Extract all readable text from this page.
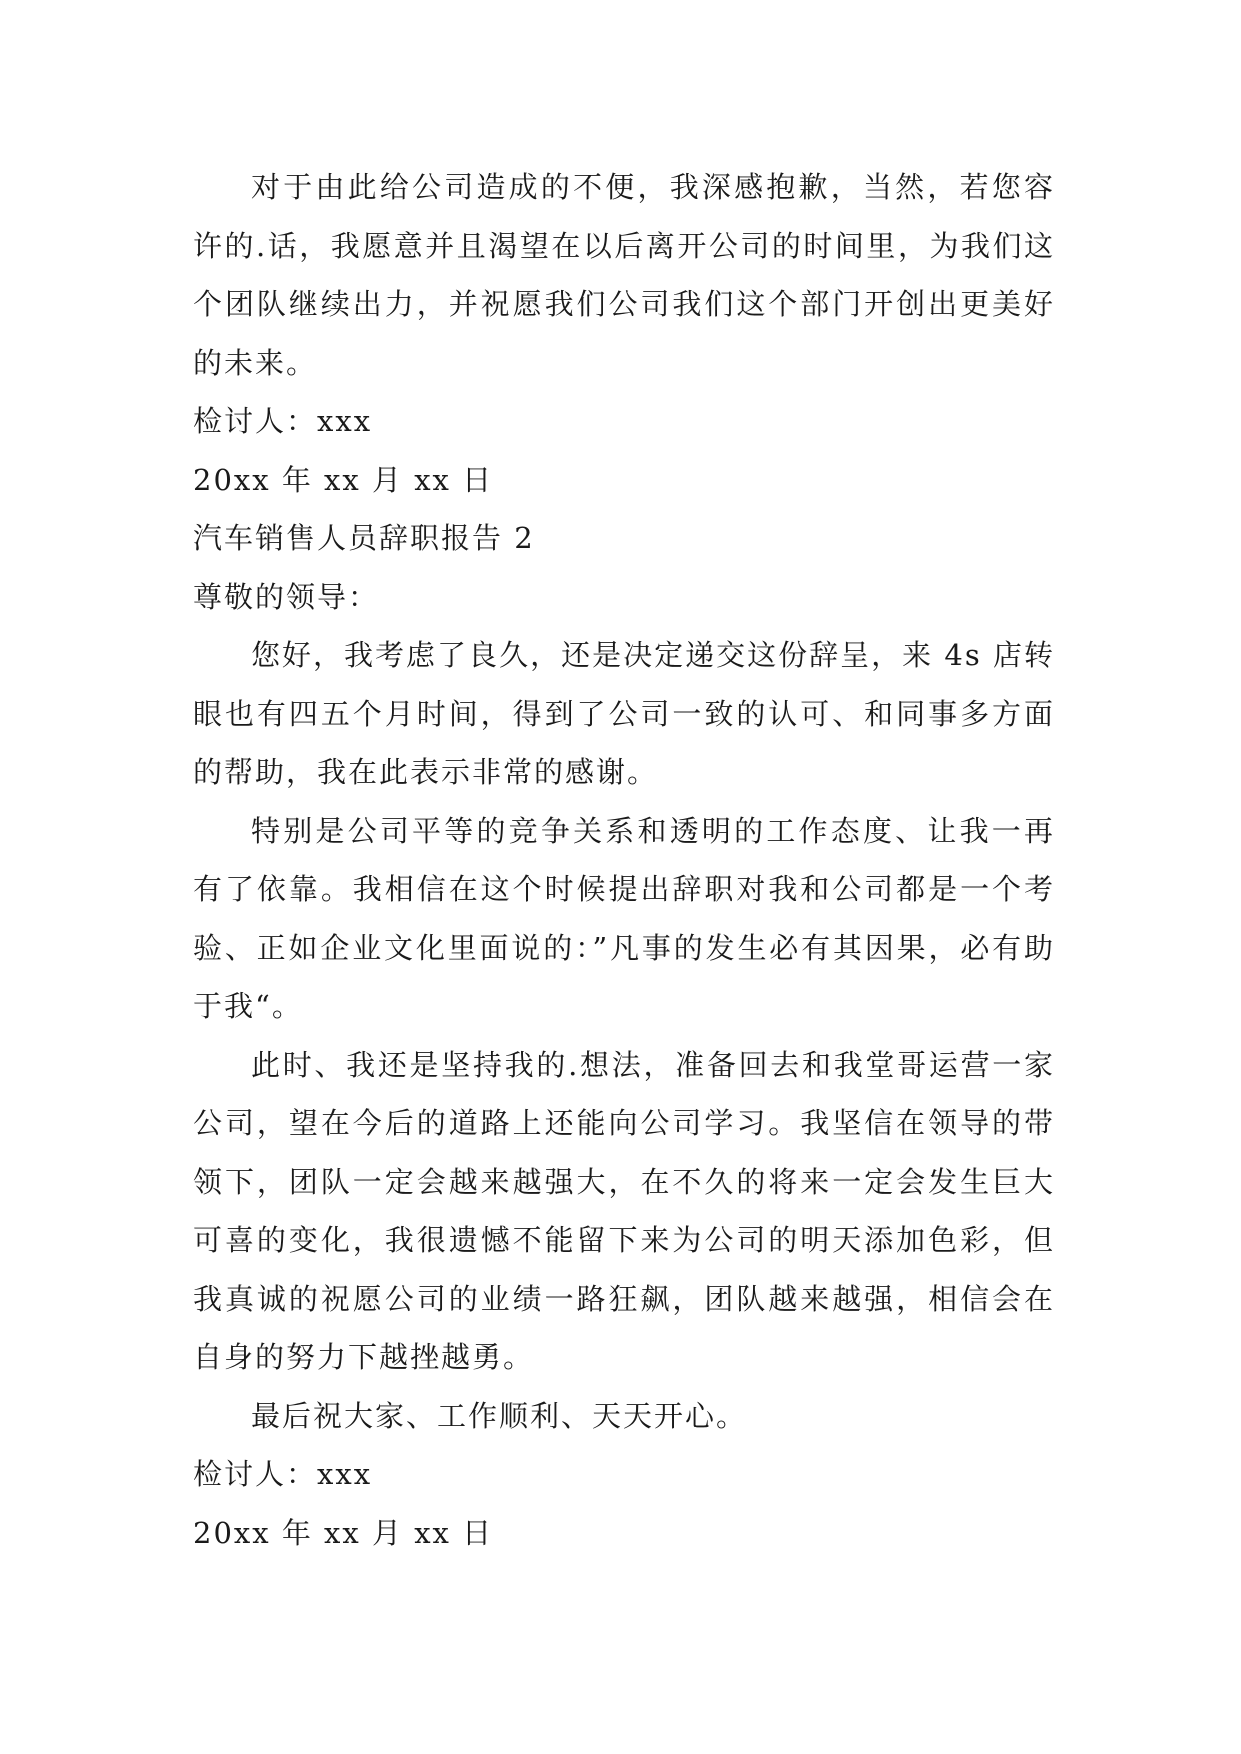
对于由此给公司造成的不便，我深感抱歉，当然，若您容许的.话，我愿意并且渴望在以后离开公司的时间里，为我们这个团队继续出力，并祝愿我们公司我们这个部门开创出更美好的未来。

检讨人：xxx

20xx 年 xx 月 xx 日

汽车销售人员辞职报告 2

尊敬的领导：

您好，我考虑了良久，还是决定递交这份辞呈，来 4s 店转眼也有四五个月时间，得到了公司一致的认可、和同事多方面的帮助，我在此表示非常的感谢。

特别是公司平等的竞争关系和透明的工作态度、让我一再有了依靠。我相信在这个时候提出辞职对我和公司都是一个考验、正如企业文化里面说的：”凡事的发生必有其因果，必有助于我“。

此时、我还是坚持我的.想法，准备回去和我堂哥运营一家公司，望在今后的道路上还能向公司学习。我坚信在领导的带领下，团队一定会越来越强大，在不久的将来一定会发生巨大可喜的变化，我很遗憾不能留下来为公司的明天添加色彩，但我真诚的祝愿公司的业绩一路狂飙，团队越来越强，相信会在自身的努力下越挫越勇。

最后祝大家、工作顺利、天天开心。

检讨人：xxx

20xx 年 xx 月 xx 日
